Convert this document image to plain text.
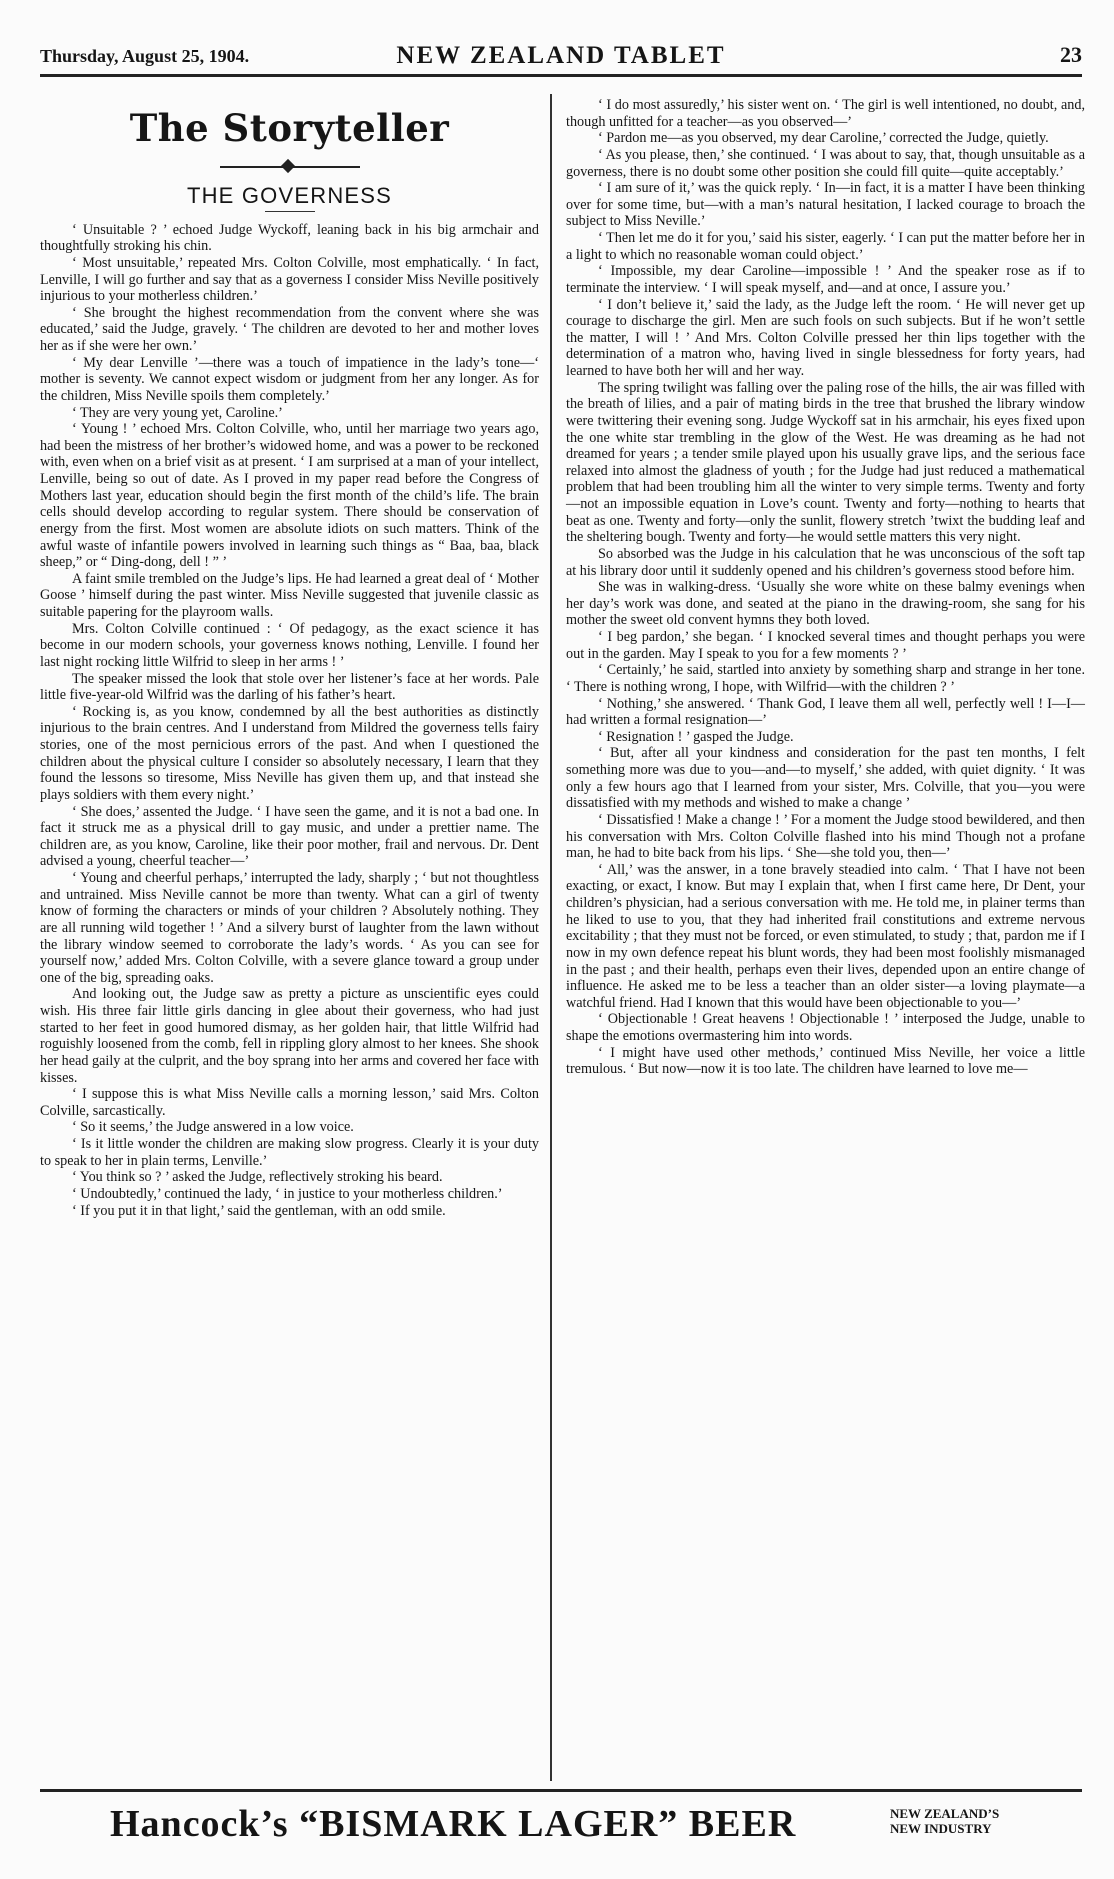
Thursday, August 25, 1904.	NEW ZEALAND TABLET	23
The Storyteller
THE GOVERNESS

‘ Unsuitable ? ’ echoed Judge Wyckoff, leaning back in his big armchair and thoughtfully stroking his chin.

‘ Most unsuitable,’ repeated Mrs. Colton Colville, most emphatically. ‘ In fact, Lenville, I will go further and say that as a governess I consider Miss Neville positively injurious to your motherless children.’

‘ She brought the highest recommendation from the convent where she was educated,’ said the Judge, gravely. ‘ The children are devoted to her and mother loves her as if she were her own.’

‘ My dear Lenville ’—there was a touch of impatience in the lady’s tone—‘ mother is seventy. We cannot expect wisdom or judgment from her any longer. As for the children, Miss Neville spoils them completely.’

‘ They are very young yet, Caroline.’

‘ Young ! ’ echoed Mrs. Colton Colville, who, until her marriage two years ago, had been the mistress of her brother’s widowed home, and was a power to be reckoned with, even when on a brief visit as at present. ‘ I am surprised at a man of your intellect, Lenville, being so out of date. As I proved in my paper read before the Congress of Mothers last year, education should begin the first month of the child’s life. The brain cells should develop according to regular system. There should be conservation of energy from the first. Most women are absolute idiots on such matters. Think of the awful waste of infantile powers involved in learning such things as “ Baa, baa, black sheep,” or “ Ding-dong, dell ! ” ’

A faint smile trembled on the Judge’s lips. He had learned a great deal of ‘ Mother Goose ’ himself during the past winter. Miss Neville suggested that juvenile classic as suitable papering for the playroom walls.

Mrs. Colton Colville continued : ‘ Of pedagogy, as the exact science it has become in our modern schools, your governess knows nothing, Lenville. I found her last night rocking little Wilfrid to sleep in her arms ! ’

The speaker missed the look that stole over her listener’s face at her words. Pale little five-year-old Wilfrid was the darling of his father’s heart.

‘ Rocking is, as you know, condemned by all the best authorities as distinctly injurious to the brain centres. And I understand from Mildred the governess tells fairy stories, one of the most pernicious errors of the past. And when I questioned the children about the physical culture I consider so absolutely necessary, I learn that they found the lessons so tiresome, Miss Neville has given them up, and that instead she plays soldiers with them every night.’

‘ She does,’ assented the Judge. ‘ I have seen the game, and it is not a bad one. In fact it struck me as a physical drill to gay music, and under a prettier name. The children are, as you know, Caroline, like their poor mother, frail and nervous. Dr. Dent advised a young, cheerful teacher—’

‘ Young and cheerful perhaps,’ interrupted the lady, sharply ; ‘ but not thoughtless and untrained. Miss Neville cannot be more than twenty. What can a girl of twenty know of forming the characters or minds of your children ? Absolutely nothing. They are all running wild together ! ’ And a silvery burst of laughter from the lawn without the library window seemed to corroborate the lady’s words. ‘ As you can see for yourself now,’ added Mrs. Colton Colville, with a severe glance toward a group under one of the big, spreading oaks.

And looking out, the Judge saw as pretty a picture as unscientific eyes could wish. His three fair little girls dancing in glee about their governess, who had just started to her feet in good humored dismay, as her golden hair, that little Wilfrid had roguishly loosened from the comb, fell in rippling glory almost to her knees. She shook her head gaily at the culprit, and the boy sprang into her arms and covered her face with kisses.

‘ I suppose this is what Miss Neville calls a morning lesson,’ said Mrs. Colton Colville, sarcastically.

‘ So it seems,’ the Judge answered in a low voice.

‘ Is it little wonder the children are making slow progress. Clearly it is your duty to speak to her in plain terms, Lenville.’

‘ You think so ? ’ asked the Judge, reflectively stroking his beard.

‘ Undoubtedly,’ continued the lady, ‘ in justice to your motherless children.’

‘ If you put it in that light,’ said the gentleman, with an odd smile.

‘ I do most assuredly,’ his sister went on. ‘ The girl is well intentioned, no doubt, and, though unfitted for a teacher—as you observed—’

‘ Pardon me—as you observed, my dear Caroline,’ corrected the Judge, quietly.

‘ As you please, then,’ she continued. ‘ I was about to say, that, though unsuitable as a governess, there is no doubt some other position she could fill quite—quite acceptably.’

‘ I am sure of it,’ was the quick reply. ‘ In—in fact, it is a matter I have been thinking over for some time, but—with a man’s natural hesitation, I lacked courage to broach the subject to Miss Neville.’

‘ Then let me do it for you,’ said his sister, eagerly. ‘ I can put the matter before her in a light to which no reasonable woman could object.’

‘ Impossible, my dear Caroline—impossible ! ’ And the speaker rose as if to terminate the interview. ‘ I will speak myself, and—and at once, I assure you.’

‘ I don’t believe it,’ said the lady, as the Judge left the room. ‘ He will never get up courage to discharge the girl. Men are such fools on such subjects. But if he won’t settle the matter, I will ! ’ And Mrs. Colton Colville pressed her thin lips together with the determination of a matron who, having lived in single blessedness for forty years, had learned to have both her will and her way.

The spring twilight was falling over the paling rose of the hills, the air was filled with the breath of lilies, and a pair of mating birds in the tree that brushed the library window were twittering their evening song. Judge Wyckoff sat in his armchair, his eyes fixed upon the one white star trembling in the glow of the West. He was dreaming as he had not dreamed for years ; a tender smile played upon his usually grave lips, and the serious face relaxed into almost the gladness of youth ; for the Judge had just reduced a mathematical problem that had been troubling him all the winter to very simple terms. Twenty and forty—not an impossible equation in Love’s count. Twenty and forty—nothing to hearts that beat as one. Twenty and forty—only the sunlit, flowery stretch ’twixt the budding leaf and the sheltering bough. Twenty and forty—he would settle matters this very night.

So absorbed was the Judge in his calculation that he was unconscious of the soft tap at his library door until it suddenly opened and his children’s governess stood before him.

She was in walking-dress. ‘Usually she wore white on these balmy evenings when her day’s work was done, and seated at the piano in the drawing-room, she sang for his mother the sweet old convent hymns they both loved.

‘ I beg pardon,’ she began. ‘ I knocked several times and thought perhaps you were out in the garden. May I speak to you for a few moments ? ’

‘ Certainly,’ he said, startled into anxiety by something sharp and strange in her tone. ‘ There is nothing wrong, I hope, with Wilfrid—with the children ? ’

‘ Nothing,’ she answered. ‘ Thank God, I leave them all well, perfectly well ! I—I—had written a formal resignation—’

‘ Resignation ! ’ gasped the Judge.

‘ But, after all your kindness and consideration for the past ten months, I felt something more was due to you—and—to myself,’ she added, with quiet dignity. ‘ It was only a few hours ago that I learned from your sister, Mrs. Colville, that you—you were dissatisfied with my methods and wished to make a change ’

‘ Dissatisfied ! Make a change ! ’ For a moment the Judge stood bewildered, and then his conversation with Mrs. Colton Colville flashed into his mind Though not a profane man, he had to bite back from his lips. ‘ She—she told you, then—’

‘ All,’ was the answer, in a tone bravely steadied into calm. ‘ That I have not been exacting, or exact, I know. But may I explain that, when I first came here, Dr Dent, your children’s physician, had a serious conversation with me. He told me, in plainer terms than he liked to use to you, that they had inherited frail constitutions and extreme nervous excitability ; that they must not be forced, or even stimulated, to study ; that, pardon me if I now in my own defence repeat his blunt words, they had been most foolishly mismanaged in the past ; and their health, perhaps even their lives, depended upon an entire change of influence. He asked me to be less a teacher than an older sister—a loving playmate—a watchful friend. Had I known that this would have been objectionable to you—’

‘ Objectionable ! Great heavens ! Objectionable ! ’ interposed the Judge, unable to shape the emotions overmastering him into words.

‘ I might have used other methods,’ continued Miss Neville, her voice a little tremulous. ‘ But now—now it is too late. The children have learned to love me—

Hancock’s “BISMARK LAGER” BEER	NEW ZEALAND’S
NEW INDUSTRY
